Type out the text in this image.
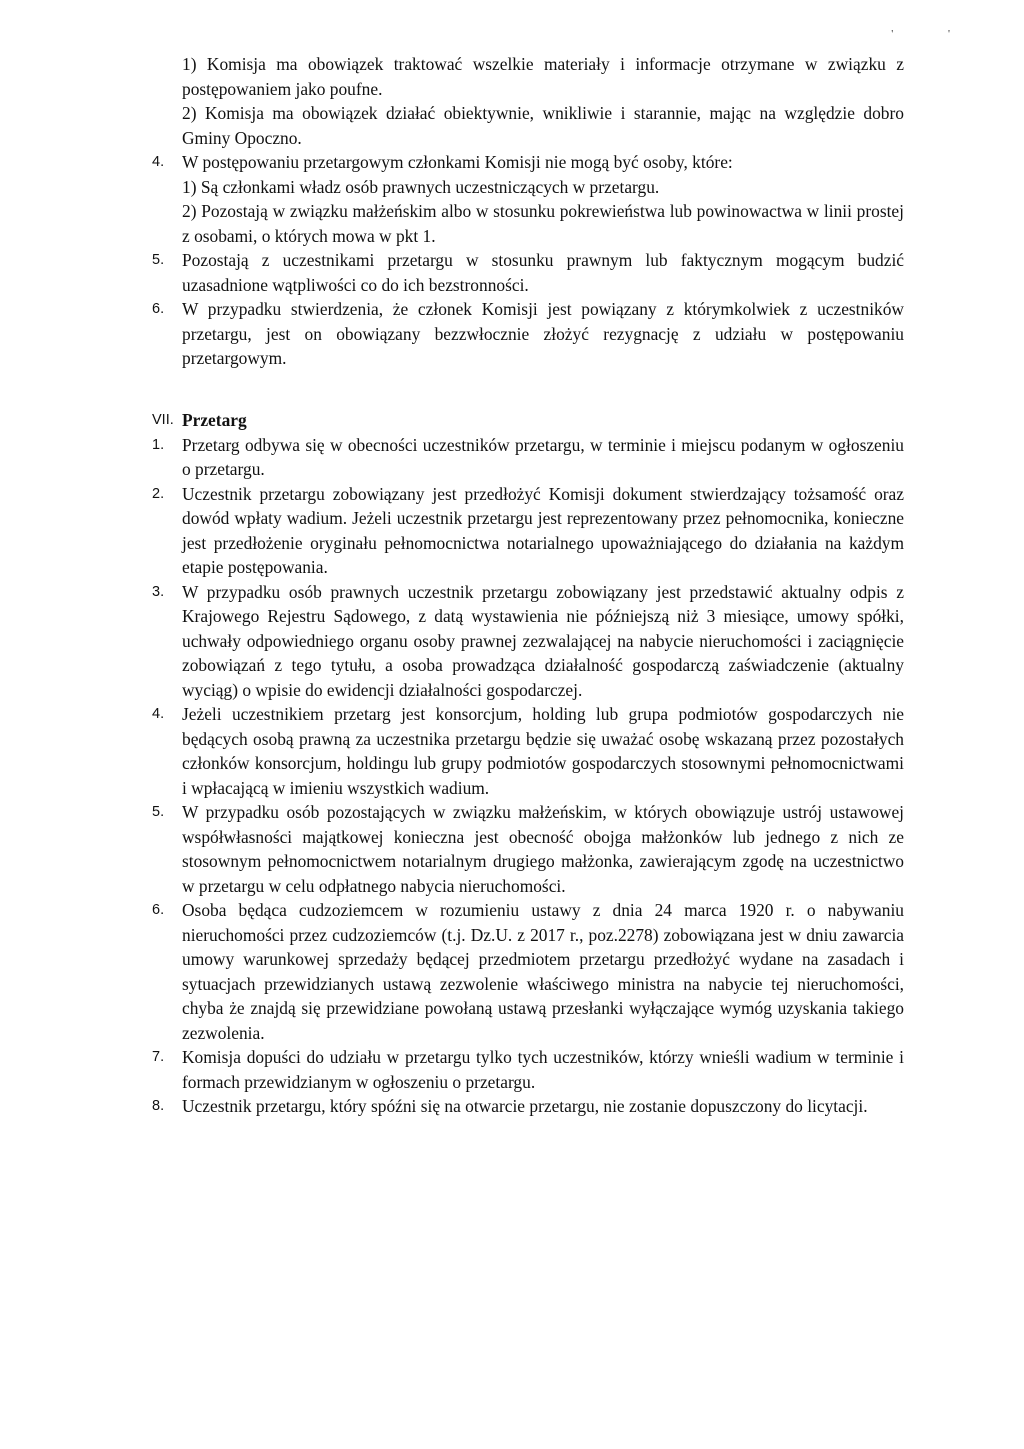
' '
1) Komisja ma obowiązek traktować wszelkie materiały i informacje otrzymane w związku z postępowaniem jako poufne.
2) Komisja ma obowiązek działać obiektywnie, wnikliwie i starannie, mając na względzie dobro Gminy Opoczno.
4. W postępowaniu przetargowym członkami Komisji nie mogą być osoby, które:
1) Są członkami władz osób prawnych uczestniczących w przetargu.
2) Pozostają w związku małżeńskim albo w stosunku pokrewieństwa lub powinowactwa w linii prostej z osobami, o których mowa w pkt 1.
5. Pozostają z uczestnikami przetargu w stosunku prawnym lub faktycznym mogącym budzić uzasadnione wątpliwości co do ich bezstronności.
6. W przypadku stwierdzenia, że członek Komisji jest powiązany z którymkolwiek z uczestników przetargu, jest on obowiązany bezzwłocznie złożyć rezygnację z udziału w postępowaniu przetargowym.
VII. Przetarg
1. Przetarg odbywa się w obecności uczestników przetargu, w terminie i miejscu podanym w ogłoszeniu o przetargu.
2. Uczestnik przetargu zobowiązany jest przedłożyć Komisji dokument stwierdzający tożsamość oraz dowód wpłaty wadium. Jeżeli uczestnik przetargu jest reprezentowany przez pełnomocnika, konieczne jest przedłożenie oryginału pełnomocnictwa notarialnego upoważniającego do działania na każdym etapie postępowania.
3. W przypadku osób prawnych uczestnik przetargu zobowiązany jest przedstawić aktualny odpis z Krajowego Rejestru Sądowego, z datą wystawienia nie późniejszą niż 3 miesiące, umowy spółki, uchwały odpowiedniego organu osoby prawnej zezwalającej na nabycie nieruchomości i zaciągnięcie zobowiązań z tego tytułu, a osoba prowadząca działalność gospodarczą zaświadczenie (aktualny wyciąg) o wpisie do ewidencji działalności gospodarczej.
4. Jeżeli uczestnikiem przetarg jest konsorcjum, holding lub grupa podmiotów gospodarczych nie będących osobą prawną za uczestnika przetargu będzie się uważać osobę wskazaną przez pozostałych członków konsorcjum, holdingu lub grupy podmiotów gospodarczych stosownymi pełnomocnictwami i wpłacającą w imieniu wszystkich wadium.
5. W przypadku osób pozostających w związku małżeńskim, w których obowiązuje ustrój ustawowej współwłasności majątkowej konieczna jest obecność obojga małżonków lub jednego z nich ze stosownym pełnomocnictwem notarialnym drugiego małżonka, zawierającym zgodę na uczestnictwo w przetargu w celu odpłatnego nabycia nieruchomości.
6. Osoba będąca cudzoziemcem w rozumieniu ustawy z dnia 24 marca 1920 r. o nabywaniu nieruchomości przez cudzoziemców (t.j. Dz.U. z 2017 r., poz.2278) zobowiązana jest w dniu zawarcia umowy warunkowej sprzedaży będącej przedmiotem przetargu przedłożyć wydane na zasadach i sytuacjach przewidzianych ustawą zezwolenie właściwego ministra na nabycie tej nieruchomości, chyba że znajdą się przewidziane powołaną ustawą przesłanki wyłączające wymóg uzyskania takiego zezwolenia.
7. Komisja dopuści do udziału w przetargu tylko tych uczestników, którzy wnieśli wadium w terminie i formach przewidzianym w ogłoszeniu o przetargu.
8. Uczestnik przetargu, który spóźni się na otwarcie przetargu, nie zostanie dopuszczony do licytacji.
